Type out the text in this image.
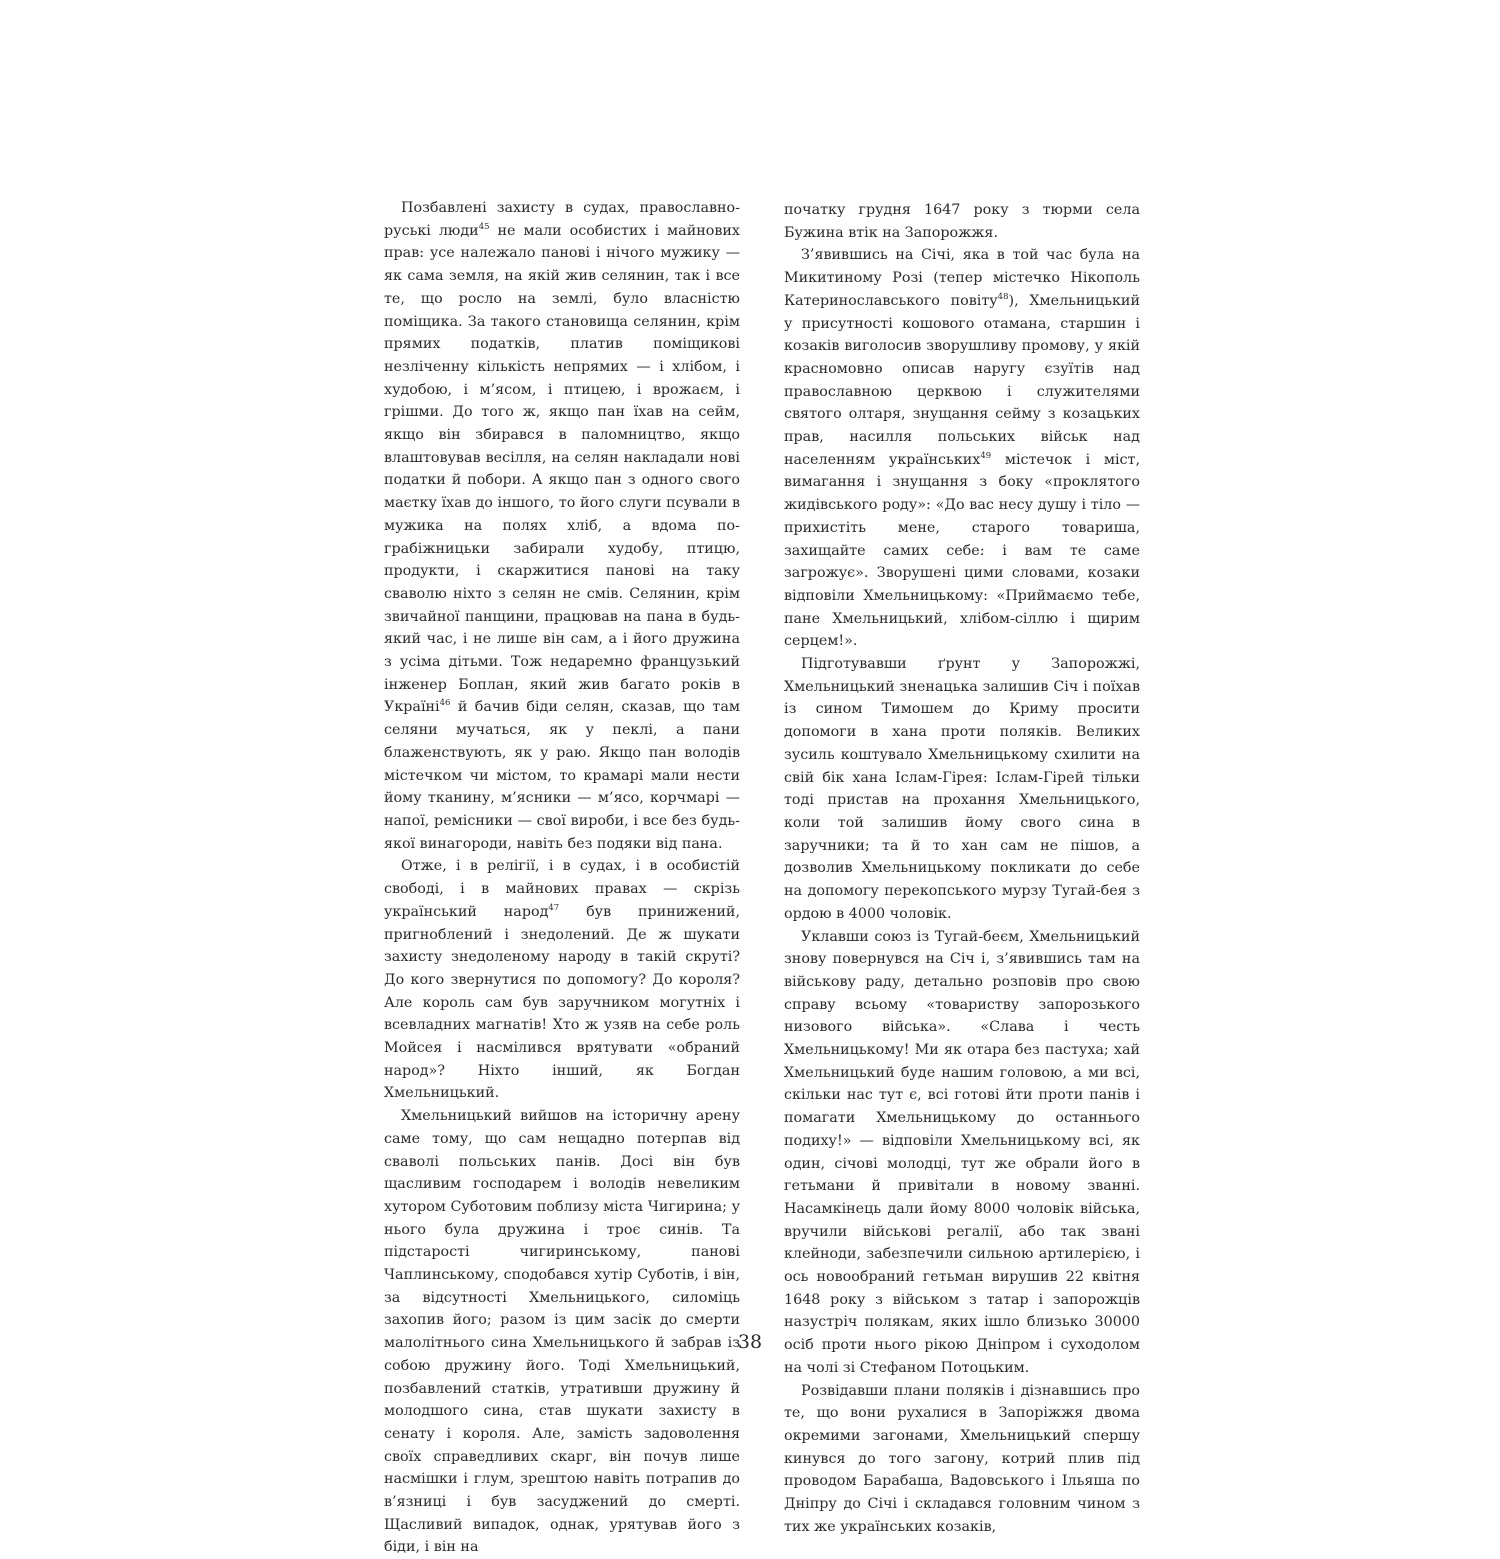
Позбавлені захисту в судах, православно-руські люди$^{45}$ не мали особистих і майнових прав: усе належало панові і нічого мужику — як сама земля, на якій жив селянин, так і все те, що росло на землі, було власністю поміщика. За такого становища селянин, крім прямих податків, платив поміщикові незліченну кількість непрямих — і хлібом, і худобою, і м’ясом, і птицею, і врожаєм, і грішми. До того ж, якщо пан їхав на сейм, якщо він збирався в паломництво, якщо влаштовував весілля, на селян накладали нові податки й побори. А якщо пан з одного свого маєтку їхав до іншого, то його слуги псували в мужика на полях хліб, а вдома по-грабіжницьки забирали худобу, птицю, продукти, і скаржитися панові на таку сваволю ніхто з селян не смів. Селянин, крім звичайної панщини, працював на пана в будь-який час, і не лише він сам, а і його дружина з усіма дітьми. Тож недаремно французький інженер Боплан, який жив багато років в Україні$^{46}$ й бачив біди селян, сказав, що там селяни мучаться, як у пеклі, а пани блаженствують, як у раю. Якщо пан володів містечком чи містом, то крамарі мали нести йому тканину, м’ясники — м’ясо, корчмарі — напої, ремісники — свої вироби, і все без будь-якої винагороди, навіть без подяки від пана.

Отже, і в релігії, і в судах, і в особистій свободі, і в майнових правах — скрізь український народ$^{47}$ був принижений, пригноблений і знедолений. Де ж шукати захисту знедоленому народу в такій скруті? До кого звернутися по допомогу? До короля? Але король сам був заручником могутніх і всевладних магнатів! Хто ж узяв на себе роль Мойсея і насмілився врятувати «обраний народ»? Ніхто інший, як Богдан Хмельницький.

Хмельницький вийшов на історичну арену саме тому, що сам нещадно потерпав від сваволі польських панів. Досі він був щасливим господарем і володів невеликим хутором Суботовим поблизу міста Чигирина; у нього була дружина і троє синів. Та підстарості чигиринському, панові Чаплинському, сподобався хутір Суботів, і він, за відсутності Хмельницького, силоміць захопив його; разом із цим засік до смерти малолітнього сина Хмельницького й забрав із собою дружину його. Тоді Хмельницький, позбавлений статків, утративши дружину й молодшого сина, став шукати захисту в сенату і короля. Але, замість задоволення своїх справедливих скарг, він почув лише насмішки і глум, зрештою навіть потрапив до в’язниці і був засуджений до смерті. Щасливий випадок, однак, урятував його з біди, і він на

початку грудня 1647 року з тюрми села Бужина втік на Запорожжя.

З’явившись на Січі, яка в той час була на Микитиному Розі (тепер містечко Нікополь Катеринославського повіту$^{48}$), Хмельницький у присутності кошового отамана, старшин і козаків виголосив зворушливу промову, у якій красномовно описав наругу єзуїтів над православною церквою і служителями святого олтаря, знущання сейму з козацьких прав, насилля польських військ над населенням українських$^{49}$ містечок і міст, вимагання і знущання з боку «проклятого жидівського роду»: «До вас несу душу і тіло — прихистіть мене, старого товариша, захищайте самих себе: і вам те саме загрожує». Зворушені цими словами, козаки відповіли Хмельницькому: «Приймаємо тебе, пане Хмельницький, хлібом-сіллю і щирим серцем!».

Підготувавши ґрунт у Запорожжі, Хмельницький зненацька залишив Січ і поїхав із сином Тимошем до Криму просити допомоги в хана проти поляків. Великих зусиль коштувало Хмельницькому схилити на свій бік хана Іслам-Гірея: Іслам-Гірей тільки тоді пристав на прохання Хмельницького, коли той залишив йому свого сина в заручники; та й то хан сам не пішов, а дозволив Хмельницькому покликати до себе на допомогу перекопського мурзу Тугай-бея з ордою в 4000 чоловік.

Уклавши союз із Тугай-беєм, Хмельницький знову повернувся на Січ і, з’явившись там на військову раду, детально розповів про свою справу всьому «товариству запорозького низового війська». «Слава і честь Хмельницькому! Ми як отара без пастуха; хай Хмельницький буде нашим головою, а ми всі, скільки нас тут є, всі готові йти проти панів і помагати Хмельницькому до останнього подиху!» — відповіли Хмельницькому всі, як один, січові молодці, тут же обрали його в гетьмани й привітали в новому званні. Насамкінець дали йому 8000 чоловік війська, вручили військові регалії, або так звані клейноди, забезпечили сильною артилерією, і ось новообраний гетьман вирушив 22 квітня 1648 року з військом з татар і запорожців назустріч полякам, яких ішло близько 30000 осіб проти нього рікою Дніпром і суходолом на чолі зі Стефаном Потоцьким.

Розвідавши плани поляків і дізнавшись про те, що вони рухалися в Запоріжжя двома окремими загонами, Хмельницький спершу кинувся до того загону, котрий плив під проводом Барабаша, Вадовського і Ільяша по Дніпру до Січі і складався головним чином з тих же українських козаків,

38
